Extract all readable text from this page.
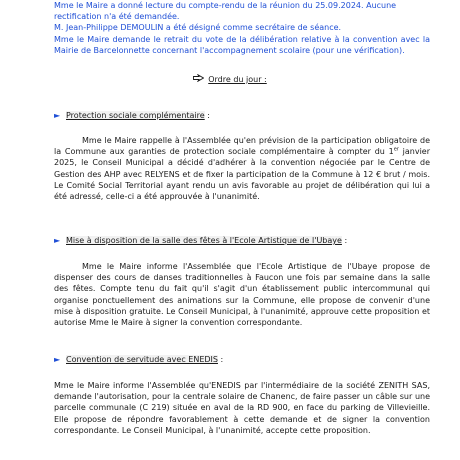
Mme le Maire a donné lecture du compte-rendu de la réunion du 25.09.2024. Aucune
rectification n'a été demandée.
M. Jean-Philippe DEMOULIN a été désigné comme secrétaire de séance.
Mme le Maire demande le retrait du vote de la délibération relative à la convention avec la Mairie de Barcelonnette concernant l'accompagnement scolaire (pour une vérification).
Ordre du jour :
► Protection sociale complémentaire :
Mme le Maire rappelle à l'Assemblée qu'en prévision de la participation obligatoire de la Commune aux garanties de protection sociale complémentaire à compter du 1er janvier 2025, le Conseil Municipal a décidé d'adhérer à la convention négociée par le Centre de Gestion des AHP avec RELYENS et de fixer la participation de la Commune à 12 € brut / mois. Le Comité Social Territorial ayant rendu un avis favorable au projet de délibération qui lui a été adressé, celle-ci a été approuvée à l'unanimité.
► Mise à disposition de la salle des fêtes à l'Ecole Artistique de l'Ubaye :
Mme le Maire informe l'Assemblée que l'Ecole Artistique de l'Ubaye propose de dispenser des cours de danses traditionnelles à Faucon une fois par semaine dans la salle des fêtes. Compte tenu du fait qu'il s'agit d'un établissement public intercommunal qui organise ponctuellement des animations sur la Commune, elle propose de convenir d'une mise à disposition gratuite. Le Conseil Municipal, à l'unanimité, approuve cette proposition et autorise Mme le Maire à signer la convention correspondante.
► Convention de servitude avec ENEDIS :
Mme le Maire informe l'Assemblée qu'ENEDIS par l'intermédiaire de la société ZENITH SAS, demande l'autorisation, pour la centrale solaire de Chanenc, de faire passer un câble sur une parcelle communale (C 219) située en aval de la RD 900, en face du parking de Villevieille. Elle propose de répondre favorablement à cette demande et de signer la convention correspondante. Le Conseil Municipal, à l'unanimité, accepte cette proposition.
